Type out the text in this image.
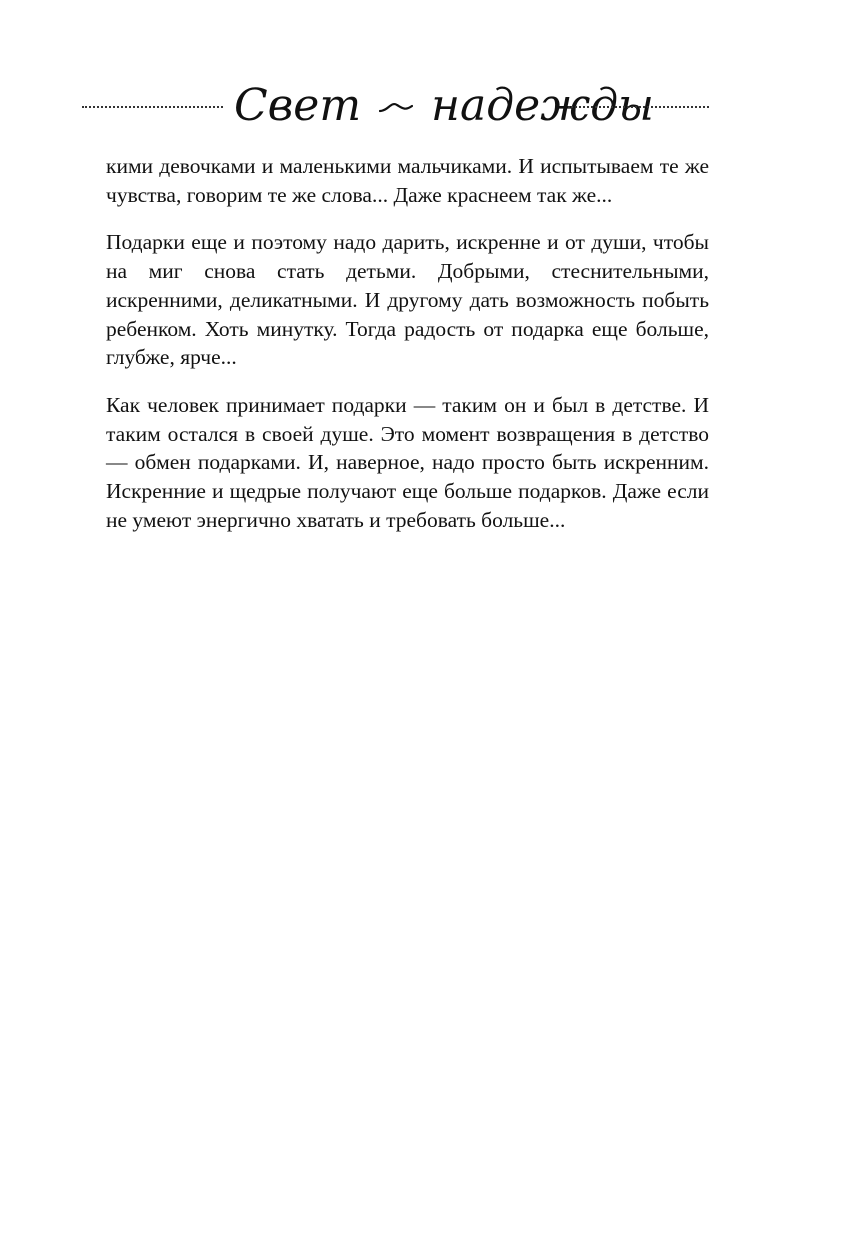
Свет надежды

кими девочками и маленькими мальчиками. И испытываем те же чувства, говорим те же слова... Даже краснеем так же...

Подарки еще и поэтому надо дарить, искренне и от души, чтобы на миг снова стать детьми. Добрыми, стеснительными, искренними, деликатными. И другому дать возможность побыть ребенком. Хоть минутку. Тогда радость от подарка еще больше, глубже, ярче...

Как человек принимает подарки — таким он и был в детстве. И таким остался в своей душе. Это момент возвращения в детство — обмен подарками. И, наверное, надо просто быть искренним. Искренние и щедрые получают еще больше подарков. Даже если не умеют энергично хватать и требовать больше...
